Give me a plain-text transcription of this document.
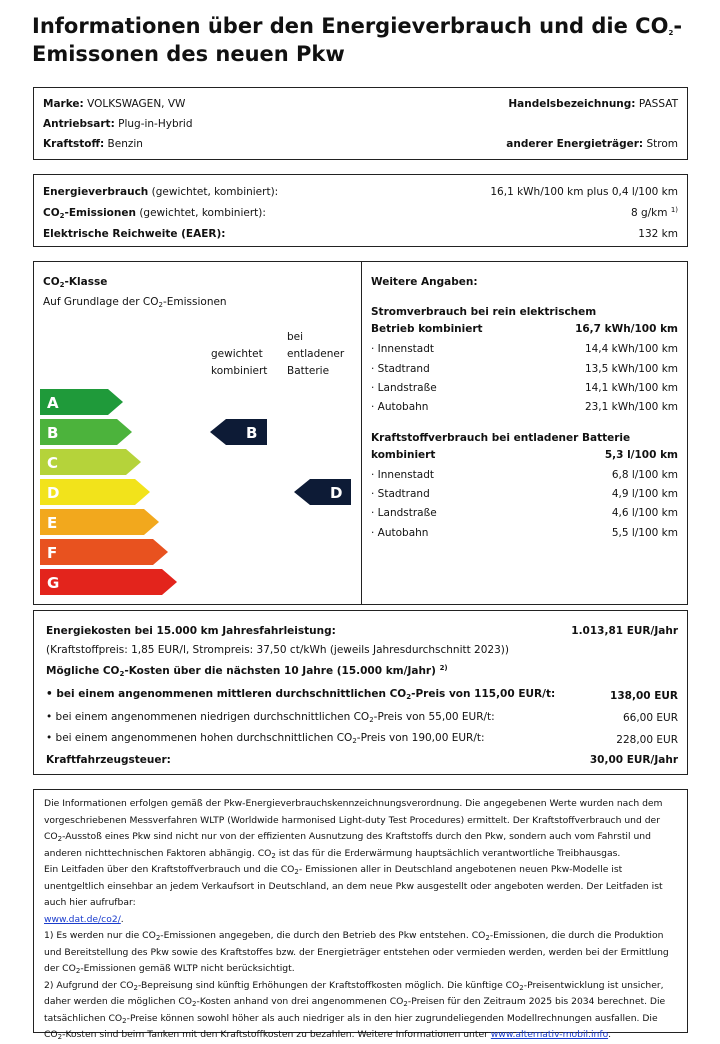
Informationen über den Energieverbrauch und die $CO_2-$
Emissonen des neuen Pkw
Marke: VOLKSWAGEN, VW
Antriebsart: Plug-in-Hybrid
Kraftstoff: Benzin
Handelsbezeichnung: PASSAT
anderer Energieträger: Strom
Energieverbrauch (gewichtet, kombiniert):	16,1 kWh/100 km plus 0,4 l/100 km
$CO_2$-Emissionen (gewichtet, kombiniert):	8 g/km $^{1)}$
Elektrische Reichweite (EAER):	132 km
$CO_2$-Klasse
Auf Grundlage der $CO_2$-Emissionen
gewichtet
kombiniert
bei
entladener
Batterie
A
B
C
D
E
F
G
B
D
Weitere Angaben:
Stromverbrauch bei rein elektrischem
Betrieb kombiniert	16,7 kWh/100 km
· Innenstadt	14,4 kWh/100 km
· Stadtrand	13,5 kWh/100 km
· Landstraße	14,1 kWh/100 km
· Autobahn	23,1 kWh/100 km
Kraftstoffverbrauch bei entladener Batterie
kombiniert	5,3 l/100 km
· Innenstadt	6,8 l/100 km
· Stadtrand	4,9 l/100 km
· Landstraße	4,6 l/100 km
· Autobahn	5,5 l/100 km
Energiekosten bei 15.000 km Jahresfahrleistung:	1.013,81 EUR/Jahr
(Kraftstoffpreis: 1,85 EUR/l, Strompreis: 37,50 ct/kWh (jeweils Jahresdurchschnitt 2023))
Mögliche $CO_2$-Kosten über die nächsten 10 Jahre (15.000 km/Jahr) $^{2)}$
• bei einem angenommenen mittleren durchschnittlichen $CO_2$-Preis von 115,00 EUR/t:	138,00 EUR
• bei einem angenommenen niedrigen durchschnittlichen $CO_2$-Preis von 55,00 EUR/t:	66,00 EUR
• bei einem angenommenen hohen durchschnittlichen $CO_2$-Preis von 190,00 EUR/t:	228,00 EUR
Kraftfahrzeugsteuer:	30,00 EUR/Jahr
Die Informationen erfolgen gemäß der Pkw-Energieverbrauchskennzeichnungsverordnung. Die angegebenen Werte wurden nach dem vorgeschriebenen Messverfahren WLTP (Worldwide harmonised Light-duty Test Procedures) ermittelt. Der Kraftstoffverbrauch und der $CO_2$-Ausstoß eines Pkw sind nicht nur von der effizienten Ausnutzung des Kraftstoffs durch den Pkw, sondern auch vom Fahrstil und anderen nichttechnischen Faktoren abhängig. $CO_2$ ist das für die Erderwärmung hauptsächlich verantwortliche Treibhausgas.
Ein Leitfaden über den Kraftstoffverbrauch und die $CO_2-$ Emissionen aller in Deutschland angebotenen neuen Pkw-Modelle ist unentgeltlich einsehbar an jedem Verkaufsort in Deutschland, an dem neue Pkw ausgestellt oder angeboten werden. Der Leitfaden ist auch hier aufrufbar:
www.dat.de/co2/.
1) Es werden nur die $CO_2$-Emissionen angegeben, die durch den Betrieb des Pkw entstehen. $CO_2$-Emissionen, die durch die Produktion und Bereitstellung des Pkw sowie des Kraftstoffes bzw. der Energieträger entstehen oder vermieden werden, werden bei der Ermittlung der $CO_2$-Emissionen gemäß WLTP nicht berücksichtigt.
2) Aufgrund der $CO_2$-Bepreisung sind künftig Erhöhungen der Kraftstoffkosten möglich. Die künftige $CO_2$-Preisentwicklung ist unsicher, daher werden die möglichen $CO_2$-Kosten anhand von drei angenommenen $CO_2$-Preisen für den Zeitraum 2025 bis 2034 berechnet. Die tatsächlichen $CO_2$-Preise können sowohl höher als auch niedriger als in den hier zugrundeliegenden Modellrechnungen ausfallen. Die $CO_2$-Kosten sind beim Tanken mit den Kraftstoffkosten zu bezahlen. Weitere Informationen unter www.alternativ-mobil.info.
